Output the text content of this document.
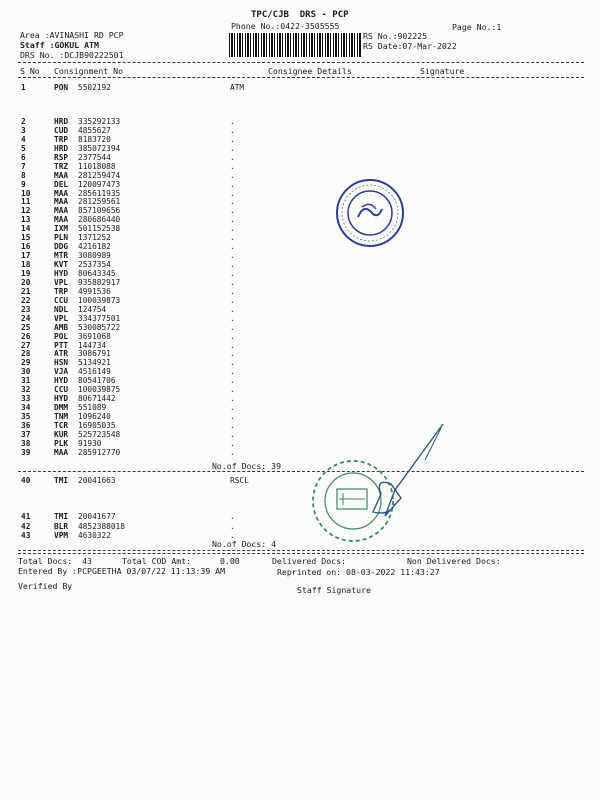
TPC/CJB  DRS - PCP
Phone No.:0422-3505555	Page No.:1
Area :AVINASHI RD PCP
Staff :GOKUL ATM
DRS No. :DCJB90222501
RS No.:902225
RS Date:07-Mar-2022
S No Consignment No	Consignee Details	Signature
1	PON 5502192	ATM
2	HRD 335292133	.
3	CUD 4855627	.
4	TRP 8183720	.
5	HRD 385072394	.
6	RSP 2377544	.
7	TRZ 11018088	.
8	MAA 281259474	.
9	DEL 120097473	.
10	MAA 285611935	.
11	MAA 281259561	.
12	MAA 857109656	.
13	MAA 280686440	.
14	IXM 501152538	.
15	PLN 1371252	.
16	DDG 4216182	.
17	MTR 3080989	.
18	KVT 2537354	.
19	HYD 80643345	.
20	VPL 935882917	.
21	TRP 4991536	.
22	CCU 100039873	.
23	NDL 124754	.
24	VPL 334377501	.
25	AMB 530085722	.
26	POL 3691068	.
27	PTT 144734	.
28	ATR 3086791	.
29	HSN 5134921	.
30	VJA 4516149	.
31	HYD 80541706	.
32	CCU 100039875	.
33	HYD 80671442	.
34	DMM 551089	.
35	TNM 1096240	.
36	TCR 16905035	.
37	KUR 525723548	.
38	PLK 91930	.
39	MAA 285912770	.
No.of Docs: 39
40	TMI 20041663	RSCL
41	TMI 20041677	.
42	BLR 4852388018	.
43	VPM 4630322	.
No.of Docs: 4
Total Docs:  43	Total COD Amt:	0.00	Delivered Docs:	Non Delivered Docs:
Entered By :PCPGEETHA 03/07/22 11:13:39 AM	Reprinted on: 08-03-2022 11:43:27
Verified By	Staff Signature
